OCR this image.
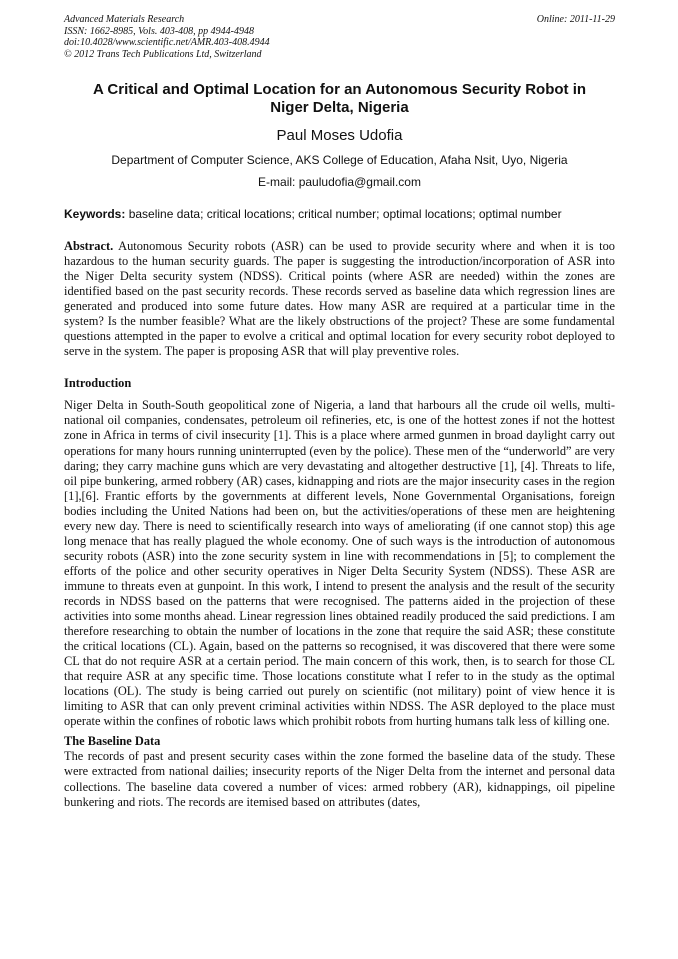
Advanced Materials Research
ISSN: 1662-8985, Vols. 403-408, pp 4944-4948
doi:10.4028/www.scientific.net/AMR.403-408.4944
© 2012 Trans Tech Publications Ltd, Switzerland
Online: 2011-11-29
A Critical and Optimal Location for an Autonomous Security Robot in Niger Delta, Nigeria
Paul Moses Udofia
Department of Computer Science, AKS College of Education, Afaha Nsit, Uyo, Nigeria
E-mail: pauludofia@gmail.com
Keywords: baseline data; critical locations; critical number; optimal locations; optimal number
Abstract. Autonomous Security robots (ASR) can be used to provide security where and when it is too hazardous to the human security guards. The paper is suggesting the introduction/incorporation of ASR into the Niger Delta security system (NDSS). Critical points (where ASR are needed) within the zones are identified based on the past security records. These records served as baseline data which regression lines are generated and produced into some future dates. How many ASR are required at a particular time in the system? Is the number feasible? What are the likely obstructions of the project? These are some fundamental questions attempted in the paper to evolve a critical and optimal location for every security robot deployed to serve in the system. The paper is proposing ASR that will play preventive roles.
Introduction
Niger Delta in South-South geopolitical zone of Nigeria, a land that harbours all the crude oil wells, multi-national oil companies, condensates, petroleum oil refineries, etc, is one of the hottest zones if not the hottest zone in Africa in terms of civil insecurity [1]. This is a place where armed gunmen in broad daylight carry out operations for many hours running uninterrupted (even by the police). These men of the “underworld” are very daring; they carry machine guns which are very devastating and altogether destructive [1], [4]. Threats to life, oil pipe bunkering, armed robbery (AR) cases, kidnapping and riots are the major insecurity cases in the region [1],[6]. Frantic efforts by the governments at different levels, None Governmental Organisations, foreign bodies including the United Nations had been on, but the activities/operations of these men are heightening every new day. There is need to scientifically research into ways of ameliorating (if one cannot stop) this age long menace that has really plagued the whole economy. One of such ways is the introduction of autonomous security robots (ASR) into the zone security system in line with recommendations in [5]; to complement the efforts of the police and other security operatives in Niger Delta Security System (NDSS). These ASR are immune to threats even at gunpoint. In this work, I intend to present the analysis and the result of the security records in NDSS based on the patterns that were recognised. The patterns aided in the projection of these activities into some months ahead. Linear regression lines obtained readily produced the said predictions. I am therefore researching to obtain the number of locations in the zone that require the said ASR; these constitute the critical locations (CL). Again, based on the patterns so recognised, it was discovered that there were some CL that do not require ASR at a certain period. The main concern of this work, then, is to search for those CL that require ASR at any specific time. Those locations constitute what I refer to in the study as the optimal locations (OL). The study is being carried out purely on scientific (not military) point of view hence it is limiting to ASR that can only prevent criminal activities within NDSS. The ASR deployed to the place must operate within the confines of robotic laws which prohibit robots from hurting humans talk less of killing one.
The Baseline Data
The records of past and present security cases within the zone formed the baseline data of the study. These were extracted from national dailies; insecurity reports of the Niger Delta from the internet and personal data collections. The baseline data covered a number of vices: armed robbery (AR), kidnappings, oil pipeline bunkering and riots. The records are itemised based on attributes (dates,
